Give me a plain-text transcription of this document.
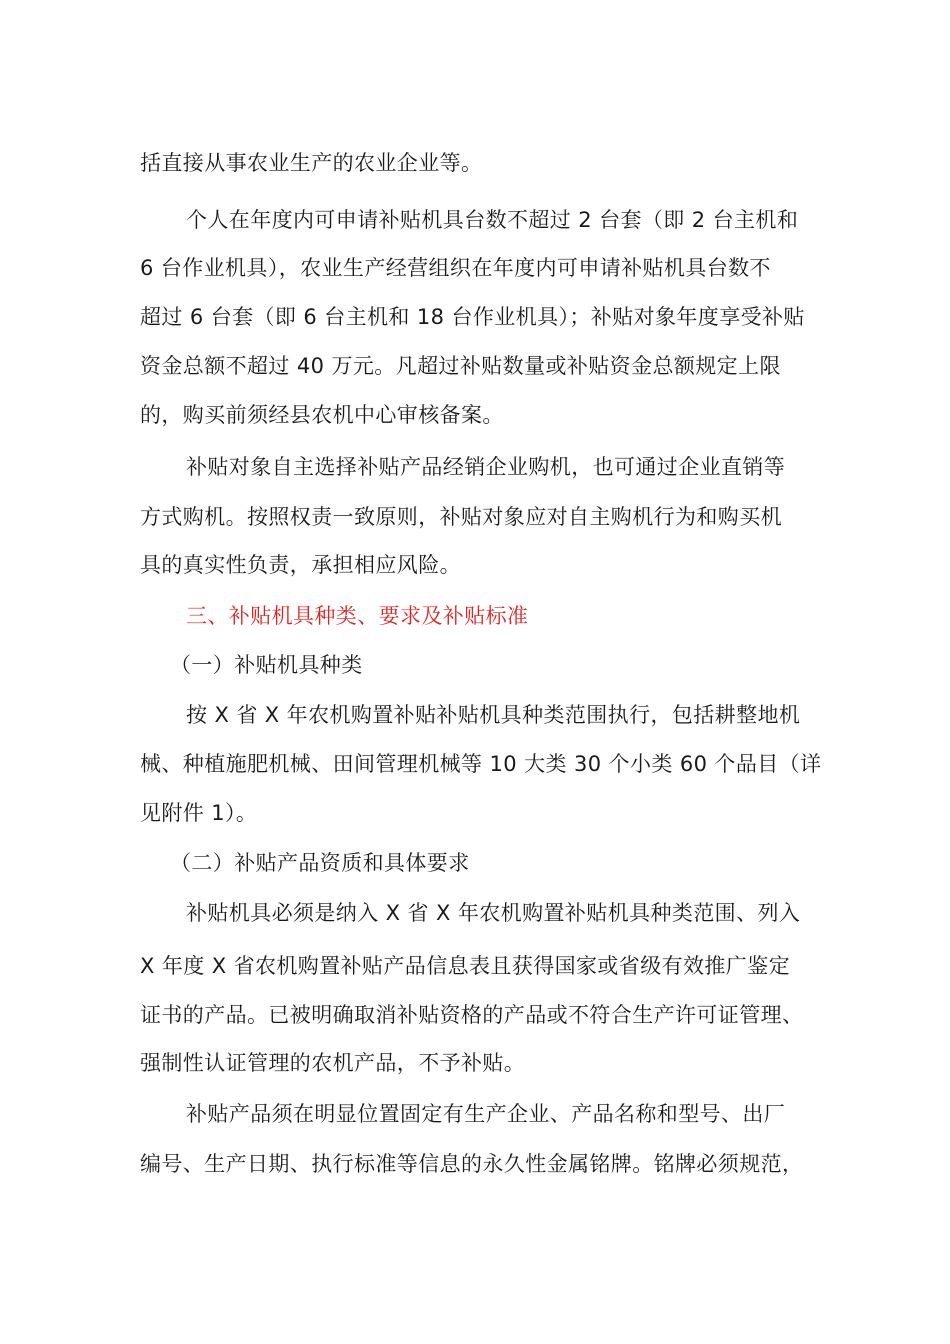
括直接从事农业生产的农业企业等。
个人在年度内可申请补贴机具台数不超过 2 台套（即 2 台主机和
6 台作业机具），农业生产经营组织在年度内可申请补贴机具台数不
超过 6 台套（即 6 台主机和 18 台作业机具）；补贴对象年度享受补贴
资金总额不超过 40 万元。凡超过补贴数量或补贴资金总额规定上限
的，购买前须经县农机中心审核备案。
补贴对象自主选择补贴产品经销企业购机，也可通过企业直销等
方式购机。按照权责一致原则，补贴对象应对自主购机行为和购买机
具的真实性负责，承担相应风险。
三、补贴机具种类、要求及补贴标准
（一）补贴机具种类
按 X 省 X 年农机购置补贴补贴机具种类范围执行，包括耕整地机
械、种植施肥机械、田间管理机械等 10 大类 30 个小类 60 个品目（详
见附件 1）。
（二）补贴产品资质和具体要求
补贴机具必须是纳入 X 省 X 年农机购置补贴机具种类范围、列入
X 年度 X 省农机购置补贴产品信息表且获得国家或省级有效推广鉴定
证书的产品。已被明确取消补贴资格的产品或不符合生产许可证管理、
强制性认证管理的农机产品，不予补贴。
补贴产品须在明显位置固定有生产企业、产品名称和型号、出厂
编号、生产日期、执行标准等信息的永久性金属铭牌。铭牌必须规范，
